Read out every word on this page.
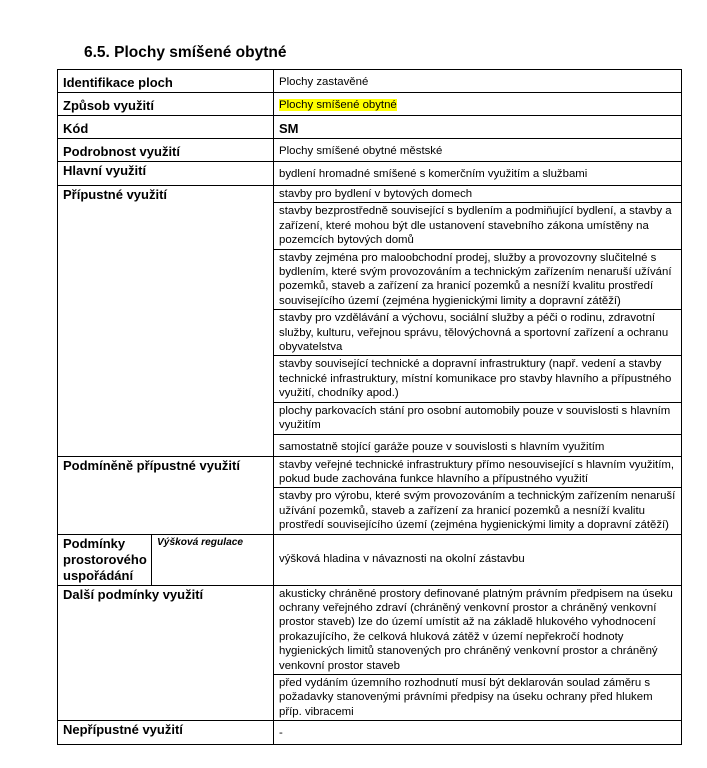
6.5. Plochy smíšené obytné
Identifikace ploch		Plochy zastavěné
Způsob využití		Plochy smíšené obytné
Kód		SM
Podrobnost využití		Plochy smíšené obytné městské
Hlavní využití		bydlení hromadné smíšené s komerčním využitím a službami
Přípustné využití		stavby pro bydlení v bytových domech
		stavby bezprostředně související s bydlením a podmiňující bydlení, a stavby a zařízení, které mohou být dle ustanovení stavebního zákona umístěny na pozemcích bytových domů
		stavby zejména pro maloobchodní prodej, služby a provozovny slučitelné s bydlením, které svým provozováním a technickým zařízením nenaruší užívání pozemků, staveb a zařízení za hranicí pozemků a nesníží kvalitu prostředí souvisejícího území (zejména hygienickými limity a dopravní zátěží)
		stavby pro vzdělávání a výchovu, sociální služby a péči o rodinu, zdravotní služby, kulturu, veřejnou správu, tělovýchovná a sportovní zařízení a ochranu obyvatelstva
		stavby související technické a dopravní infrastruktury (např. vedení a stavby technické infrastruktury, místní komunikace pro stavby hlavního a přípustného využití, chodníky apod.)
		plochy parkovacích stání pro osobní automobily pouze v souvislosti s hlavním využitím
		samostatně stojící garáže pouze v souvislosti s hlavním využitím
Podmíněně přípustné využití		stavby veřejné technické infrastruktury přímo nesouvisející s hlavním využitím, pokud bude zachována funkce hlavního a přípustného využití
		stavby pro výrobu, které svým provozováním a technickým zařízením nenaruší užívání pozemků, staveb a zařízení za hranicí pozemků a nesníží kvalitu prostředí souvisejícího území (zejména hygienickými limity a dopravní zátěží)
Podmínky prostorového uspořádání	Výšková regulace	výšková hladina v návaznosti na okolní zástavbu
Další podmínky využití		akusticky chráněné prostory definované platným právním předpisem na úseku ochrany veřejného zdraví (chráněný venkovní prostor a chráněný venkovní prostor staveb) lze do území umístit až na základě hlukového vyhodnocení prokazujícího, že celková hluková zátěž v území nepřekročí hodnoty hygienických limitů stanovených pro chráněný venkovní prostor a chráněný venkovní prostor staveb
		před vydáním územního rozhodnutí musí být deklarován soulad záměru s požadavky stanovenými právními předpisy na úseku ochrany před hlukem příp. vibracemi
Nepřípustné využití		-
